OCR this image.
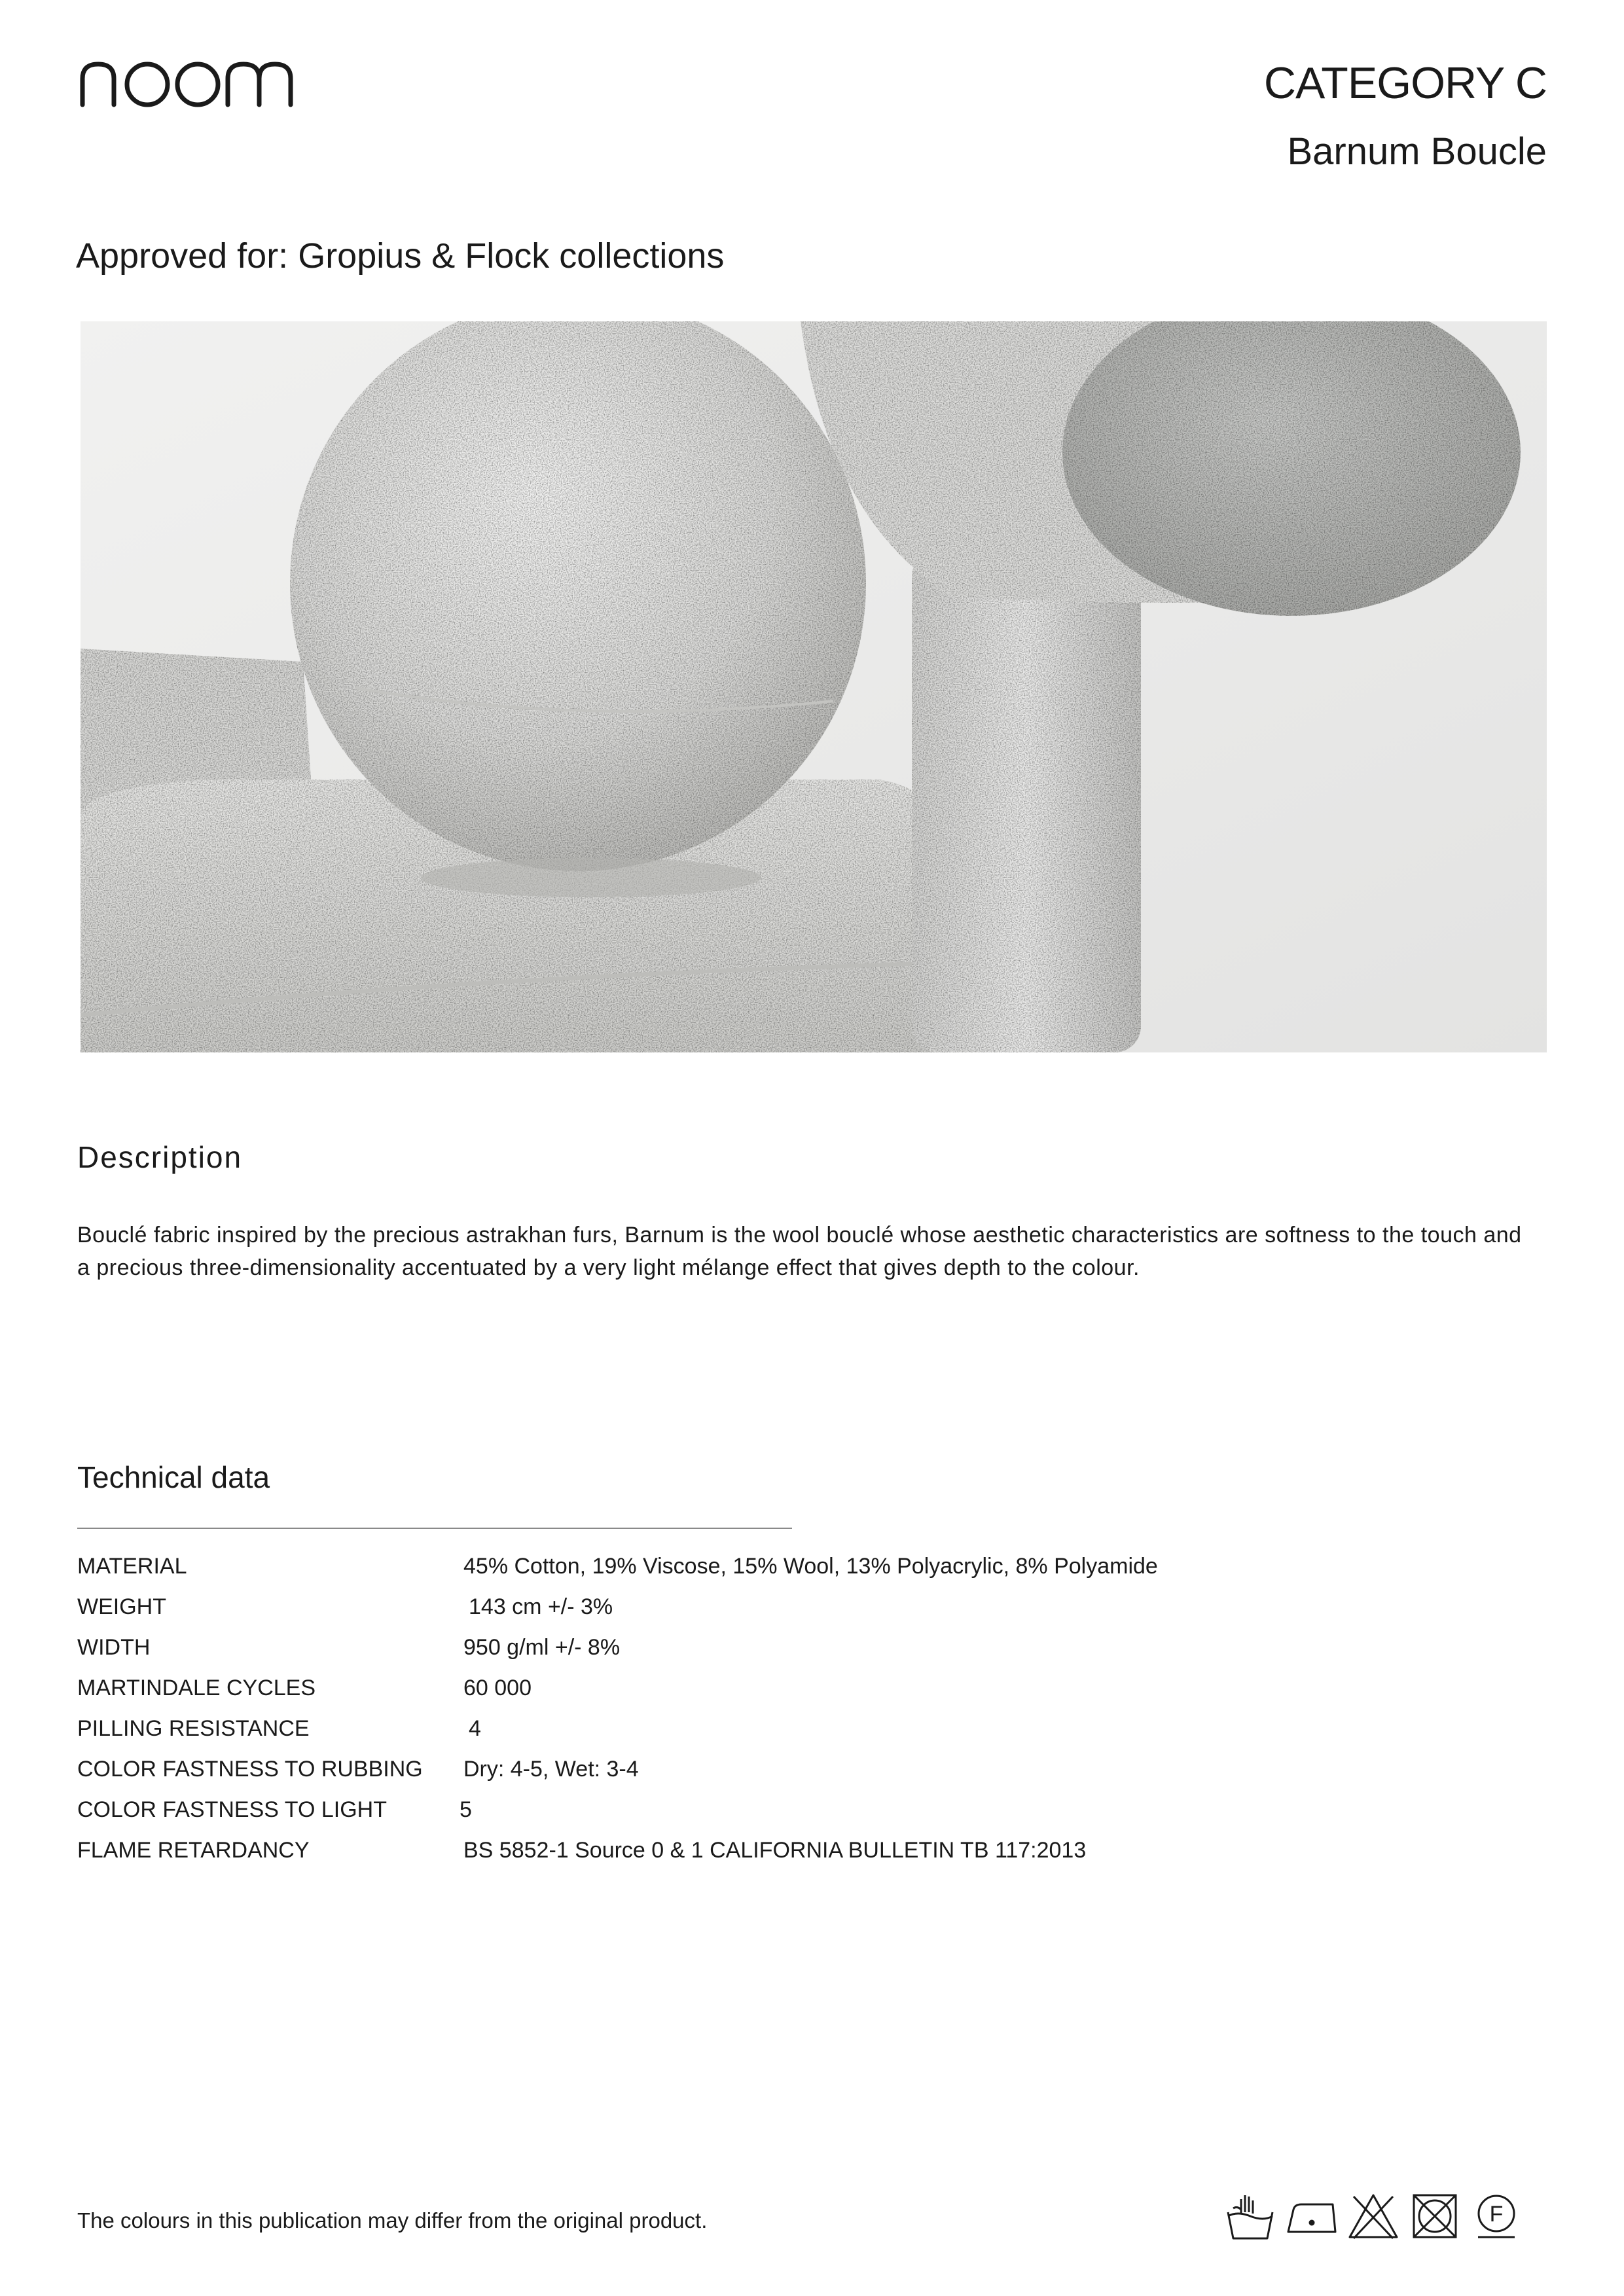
CATEGORY C
Barnum Boucle
Approved for: Gropius & Flock collections
Description
Bouclé fabric inspired by the precious astrakhan furs, Barnum is the wool bouclé whose aesthetic characteristics are softness to the touch and a precious three-dimensionality accentuated by a very light mélange effect that gives depth to the colour.
Technical data
MATERIAL	45% Cotton, 19% Viscose, 15% Wool, 13% Polyacrylic, 8% Polyamide
WEIGHT	143 cm +/- 3%
WIDTH	950 g/ml +/- 8%
MARTINDALE CYCLES	60 000
PILLING RESISTANCE	4
COLOR FASTNESS TO RUBBING Dry: 4-5, Wet: 3-4
COLOR FASTNESS TO LIGHT	5
FLAME RETARDANCY	BS 5852-1 Source 0 & 1 CALIFORNIA BULLETIN TB 117:2013
The colours in this publication may differ from the original product.	F
